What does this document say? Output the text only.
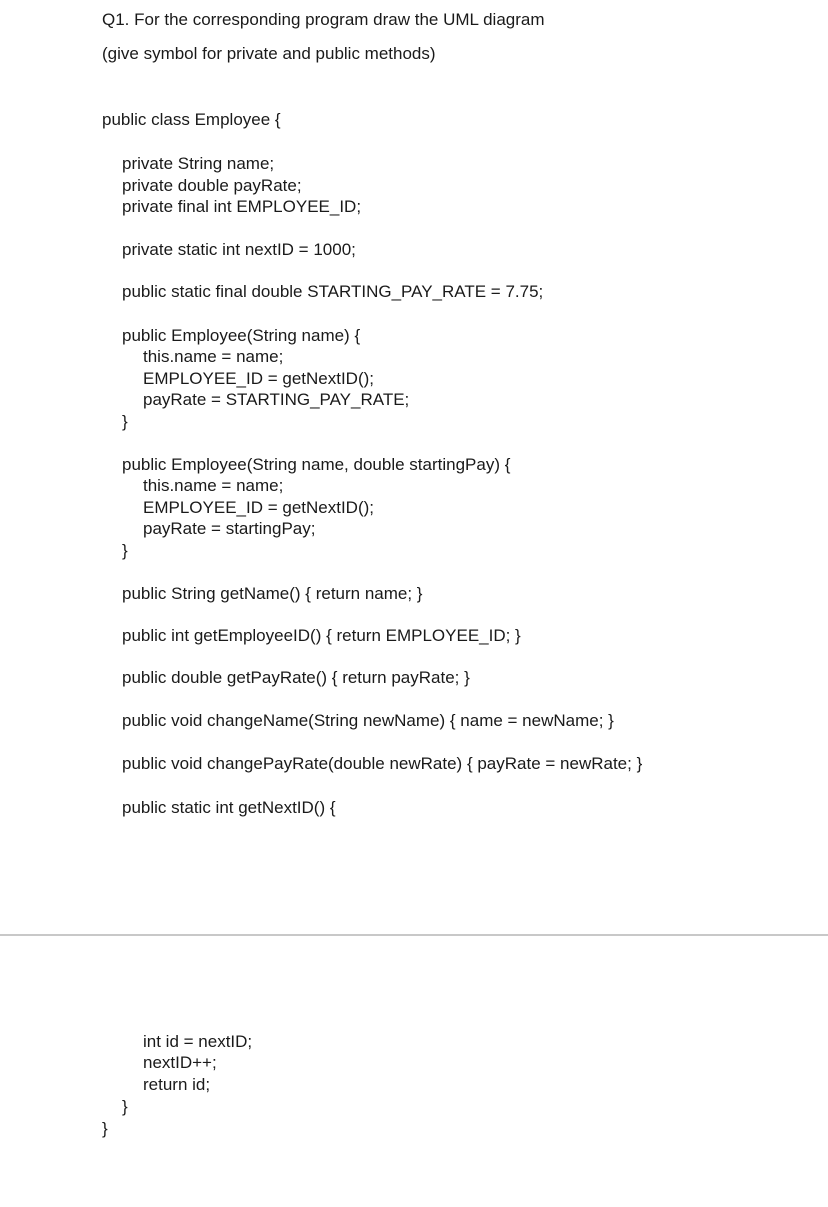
Q1. For the corresponding program draw the UML diagram
(give symbol for private and public methods)
public class Employee {
private String name;
private double payRate;
private final int EMPLOYEE_ID;
private static int nextID = 1000;
public static final double STARTING_PAY_RATE = 7.75;
public Employee(String name) {
this.name = name;
EMPLOYEE_ID = getNextID();
payRate = STARTING_PAY_RATE;
}
public Employee(String name, double startingPay) {
this.name = name;
EMPLOYEE_ID = getNextID();
payRate = startingPay;
}
public String getName() { return name; }
public int getEmployeeID() { return EMPLOYEE_ID; }
public double getPayRate() { return payRate; }
public void changeName(String newName) { name = newName; }
public void changePayRate(double newRate) { payRate = newRate; }
public static int getNextID() {
int id = nextID;
nextID++;
return id;
}
}
